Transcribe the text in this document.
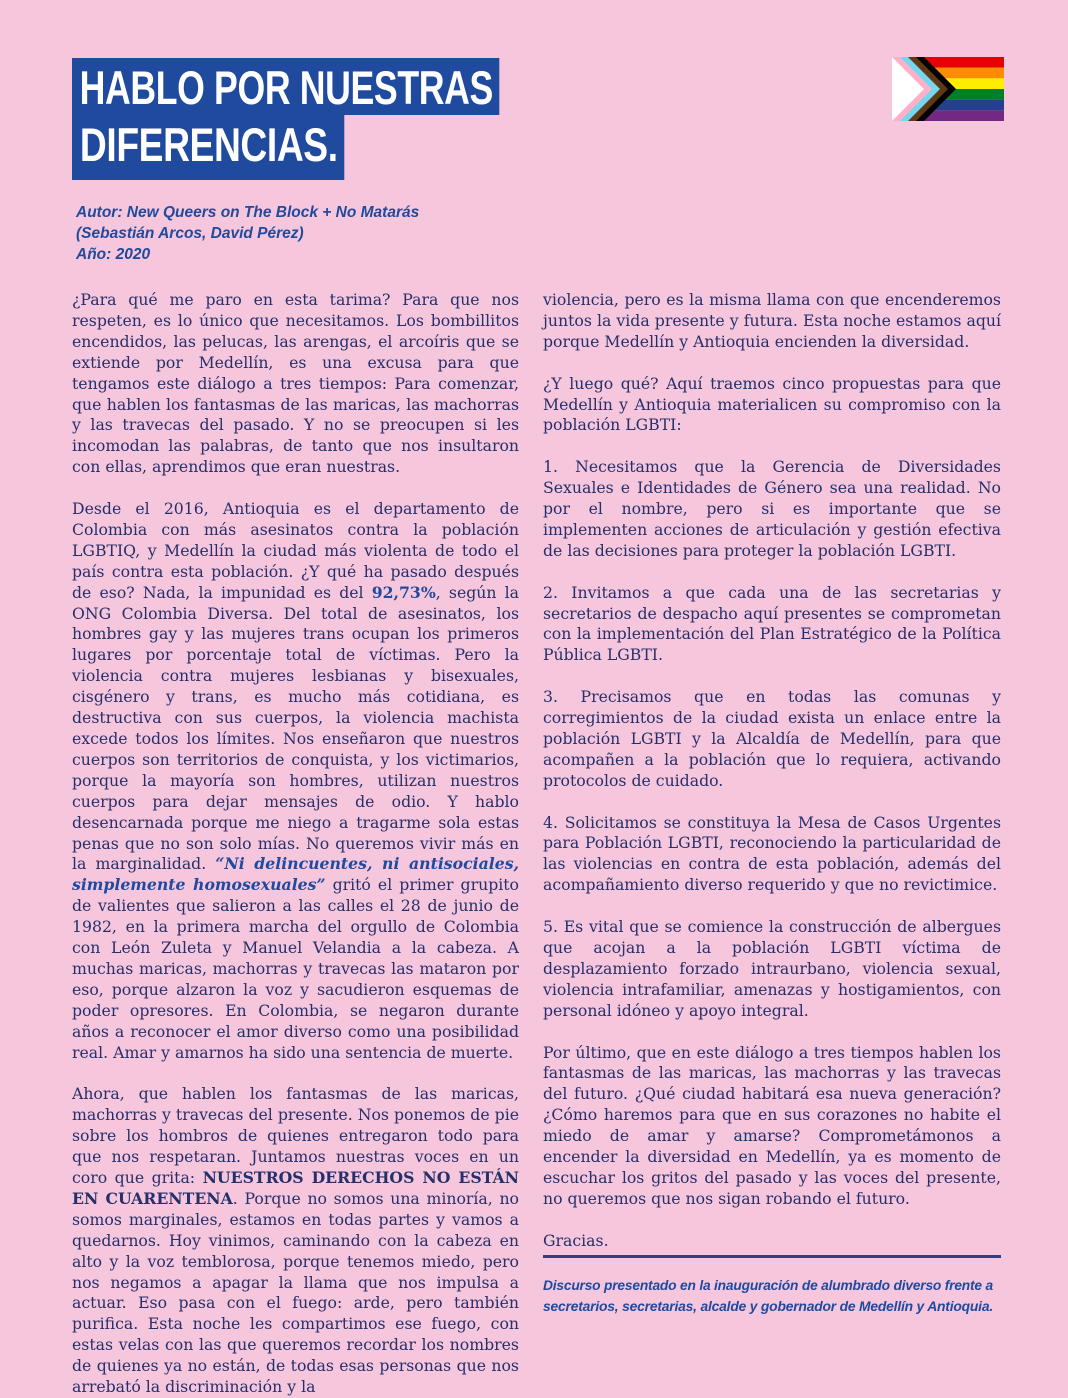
HABLO POR NUESTRAS
DIFERENCIAS.
Autor: New Queers on The Block + No Matarás
(Sebastián Arcos, David Pérez)
Año: 2020

¿Para qué me paro en esta tarima? Para que nos respeten, es lo único que necesitamos. Los bombillitos encendidos, las pelucas, las arengas, el arcoíris que se extiende por Medellín, es una excusa para que tengamos este diálogo a tres tiempos: Para comenzar, que hablen los fantasmas de las maricas, las machorras y las travecas del pasado. Y no se preocupen si les incomodan las palabras, de tanto que nos insultaron con ellas, aprendimos que eran nuestras.

Desde el 2016, Antioquia es el departamento de Colombia con más asesinatos contra la población LGBTIQ, y Medellín la ciudad más violenta de todo el país contra esta población. ¿Y qué ha pasado después de eso? Nada, la impunidad es del 92,73%, según la ONG Colombia Diversa. Del total de asesinatos, los hombres gay y las mujeres trans ocupan los primeros lugares por porcentaje total de víctimas. Pero la violencia contra mujeres lesbianas y bisexuales, cisgénero y trans, es mucho más cotidiana, es destructiva con sus cuerpos, la violencia machista excede todos los límites. Nos enseñaron que nuestros cuerpos son territorios de conquista, y los victimarios, porque la mayoría son hombres, utilizan nuestros cuerpos para dejar mensajes de odio. Y hablo desencarnada porque me niego a tragarme sola estas penas que no son solo mías. No queremos vivir más en la marginalidad. “Ni delincuentes, ni antisociales, simplemente homosexuales” gritó el primer grupito de valientes que salieron a las calles el 28 de junio de 1982, en la primera marcha del orgullo de Colombia con León Zuleta y Manuel Velandia a la cabeza. A muchas maricas, machorras y travecas las mataron por eso, porque alzaron la voz y sacudieron esquemas de poder opresores. En Colombia, se negaron durante años a reconocer el amor diverso como una posibilidad real. Amar y amarnos ha sido una sentencia de muerte.

Ahora, que hablen los fantasmas de las maricas, machorras y travecas del presente. Nos ponemos de pie sobre los hombros de quienes entregaron todo para que nos respetaran. Juntamos nuestras voces en un coro que grita: NUESTROS DERECHOS NO ESTÁN EN CUARENTENA. Porque no somos una minoría, no somos marginales, estamos en todas partes y vamos a quedarnos. Hoy vinimos, caminando con la cabeza en alto y la voz temblorosa, porque tenemos miedo, pero nos negamos a apagar la llama que nos impulsa a actuar. Eso pasa con el fuego: arde, pero también purifica. Esta noche les compartimos ese fuego, con estas velas con las que queremos recordar los nombres de quienes ya no están, de todas esas personas que nos arrebató la discriminación y la

violencia, pero es la misma llama con que encenderemos juntos la vida presente y futura. Esta noche estamos aquí porque Medellín y Antioquia encienden la diversidad.

¿Y luego qué? Aquí traemos cinco propuestas para que Medellín y Antioquia materialicen su compromiso con la población LGBTI:

1. Necesitamos que la Gerencia de Diversidades Sexuales e Identidades de Género sea una realidad. No por el nombre, pero si es importante que se implementen acciones de articulación y gestión efectiva de las decisiones para proteger la población LGBTI.

2. Invitamos a que cada una de las secretarias y secretarios de despacho aquí presentes se comprometan con la implementación del Plan Estratégico de la Política Pública LGBTI.

3. Precisamos que en todas las comunas y corregimientos de la ciudad exista un enlace entre la población LGBTI y la Alcaldía de Medellín, para que acompañen a la población que lo requiera, activando protocolos de cuidado.

4. Solicitamos se constituya la Mesa de Casos Urgentes para Población LGBTI, reconociendo la particularidad de las violencias en contra de esta población, además del acompañamiento diverso requerido y que no revictimice.

5. Es vital que se comience la construcción de albergues que acojan a la población LGBTI víctima de desplazamiento forzado intraurbano, violencia sexual, violencia intrafamiliar, amenazas y hostigamientos, con personal idóneo y apoyo integral.

Por último, que en este diálogo a tres tiempos hablen los fantasmas de las maricas, las machorras y las travecas del futuro. ¿Qué ciudad habitará esa nueva generación? ¿Cómo haremos para que en sus corazones no habite el miedo de amar y amarse? Comprometámonos a encender la diversidad en Medellín, ya es momento de escuchar los gritos del pasado y las voces del presente, no queremos que nos sigan robando el futuro.

Gracias.

Discurso presentado en la inauguración de alumbrado diverso frente a
secretarios, secretarias, alcalde y gobernador de Medellín y Antioquia.
